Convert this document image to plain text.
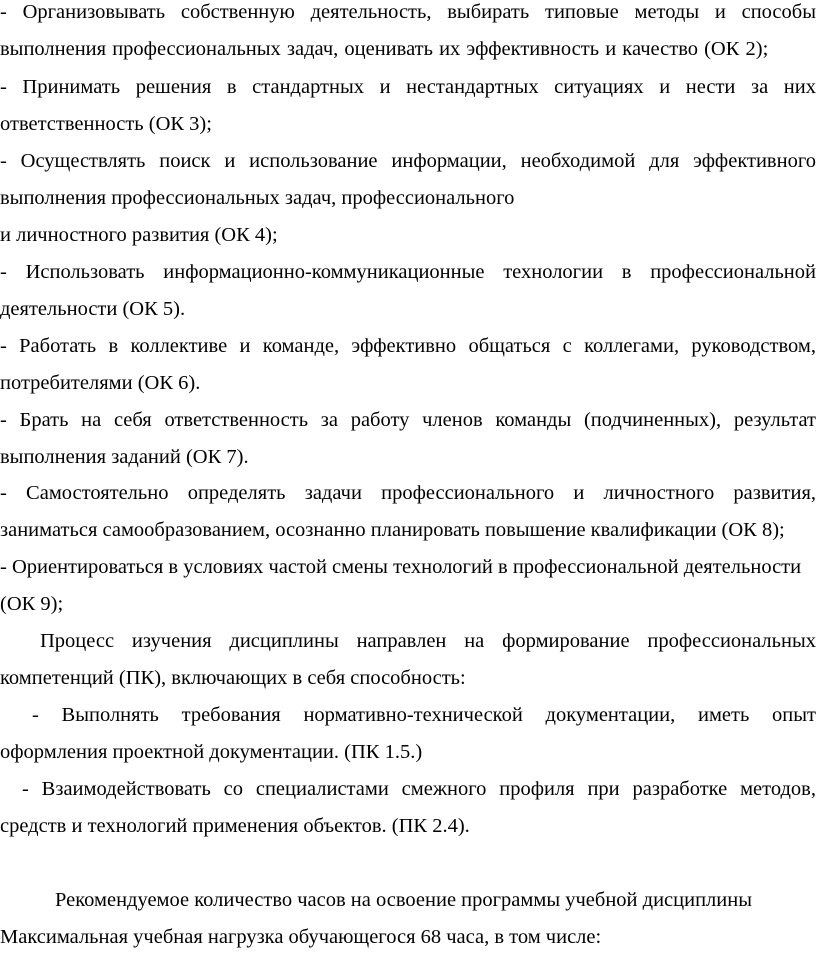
- Организовывать собственную деятельность, выбирать типовые методы и способы
выполнения профессиональных задач, оценивать их эффективность и качество (ОК 2);
- Принимать решения в стандартных и нестандартных ситуациях и нести за них
ответственность (ОК 3);
- Осуществлять поиск и использование информации, необходимой для эффективного
выполнения профессиональных задач, профессионального
и личностного развития (ОК 4);
- Использовать информационно-коммуникационные технологии в профессиональной
деятельности (ОК 5).
- Работать в коллективе и команде, эффективно общаться с коллегами, руководством,
потребителями (ОК 6).
- Брать на себя ответственность за работу членов команды (подчиненных), результат
выполнения заданий (ОК 7).
- Самостоятельно определять задачи профессионального и личностного развития,
заниматься самообразованием, осознанно планировать повышение квалификации (ОК 8);
- Ориентироваться в условиях частой смены технологий в профессиональной деятельности
(ОК 9);
Процесс изучения дисциплины направлен на формирование профессиональных
компетенций (ПК), включающих в себя способность:
- Выполнять требования нормативно-технической документации, иметь опыт
оформления проектной документации. (ПК 1.5.)
- Взаимодействовать со специалистами смежного профиля при разработке методов,
средств и технологий применения объектов. (ПК 2.4).
Рекомендуемое количество часов на освоение программы учебной дисциплины
Максимальная учебная нагрузка обучающегося 68 часа, в том числе:
